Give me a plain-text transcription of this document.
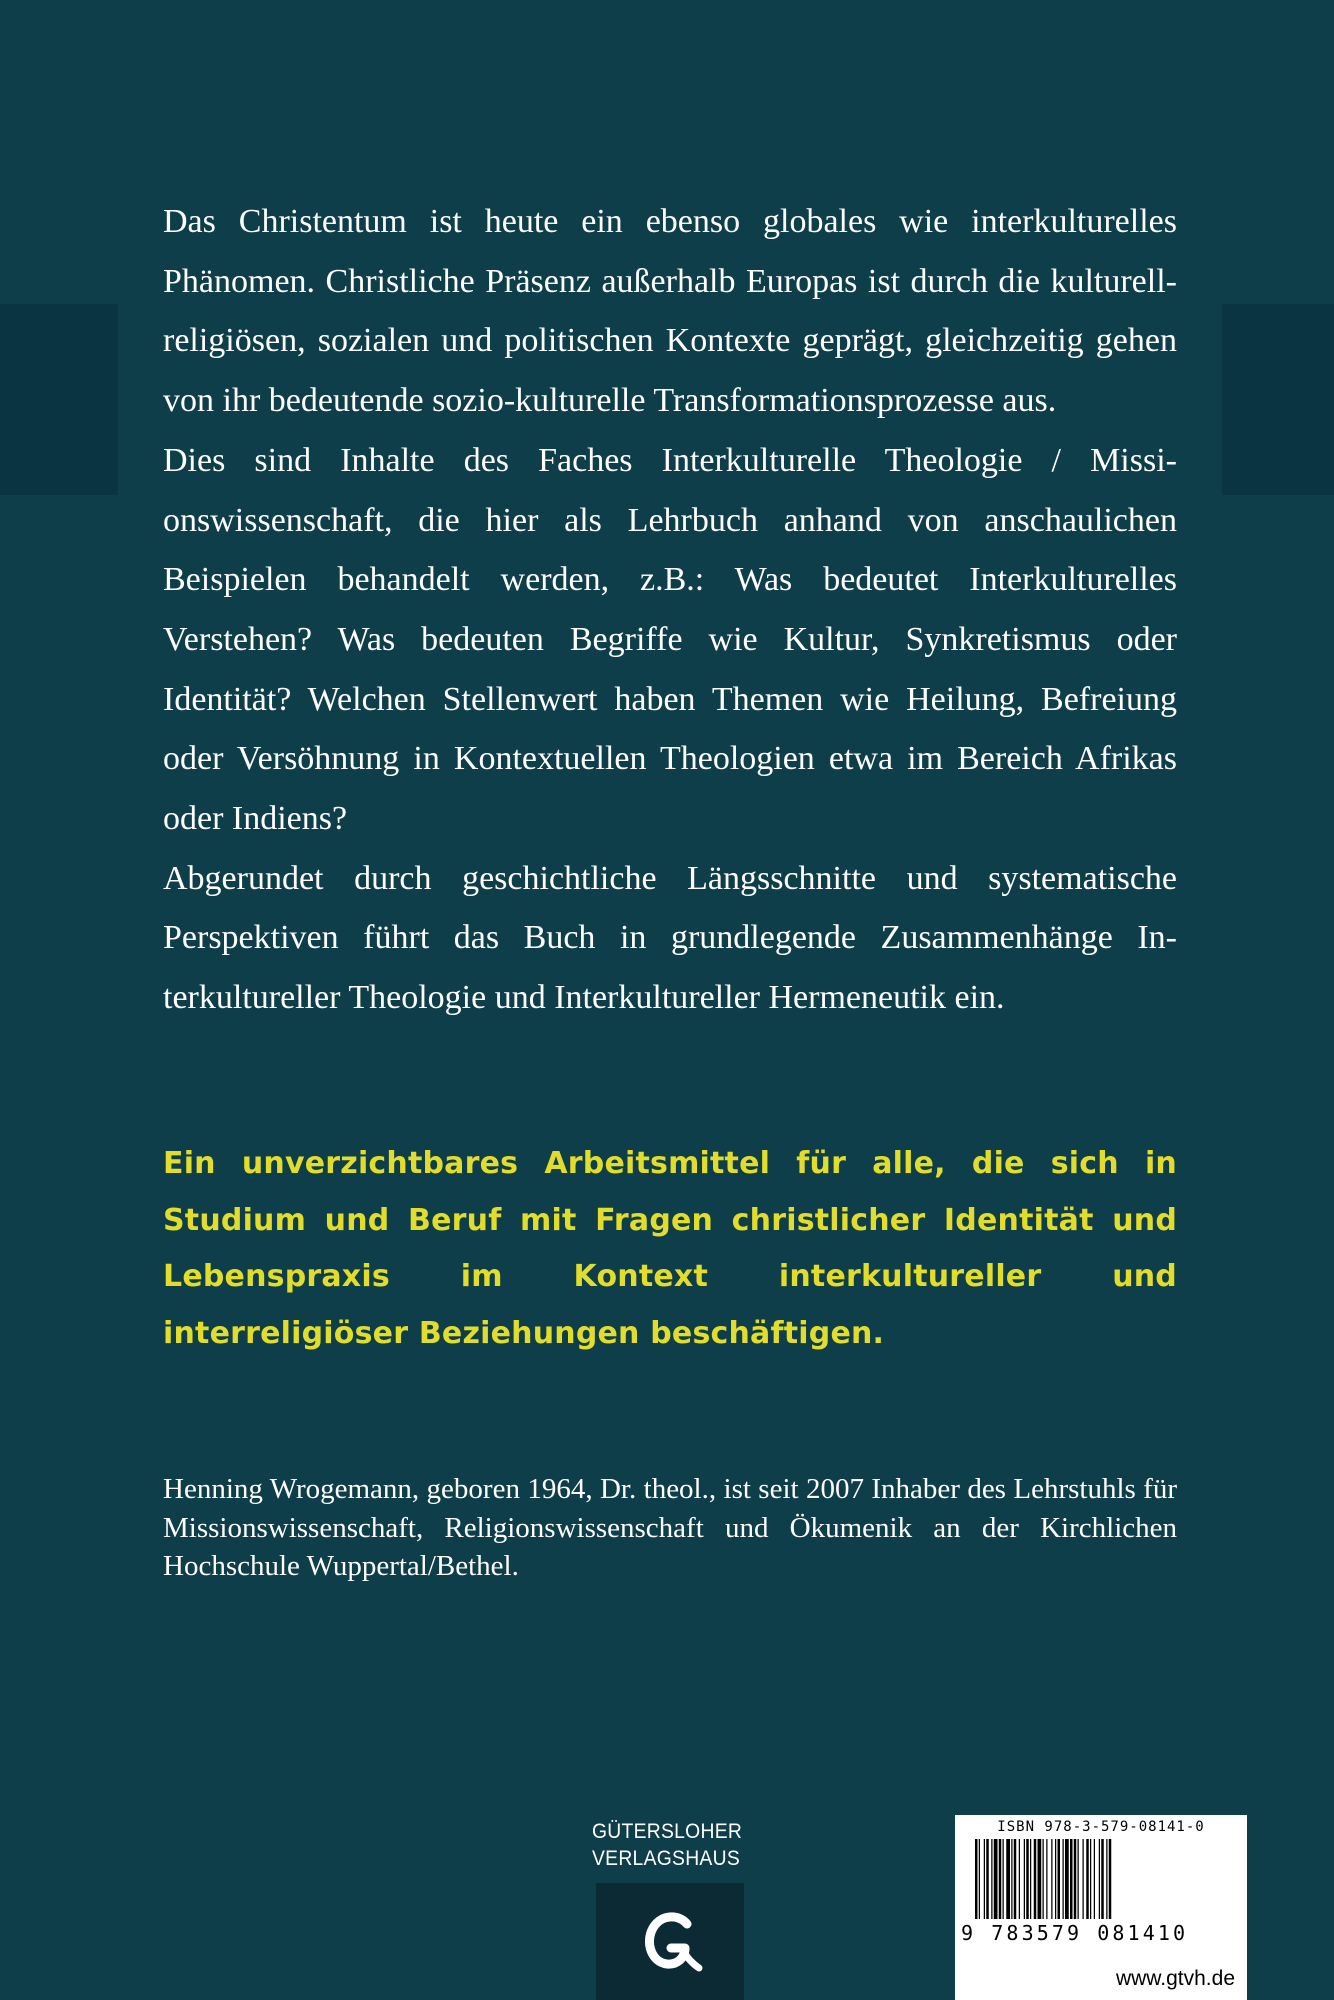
Das Christentum ist heute ein ebenso globales wie interkulturelles Phänomen. Christliche Präsenz außerhalb Europas ist durch die kulturell-religiösen, sozialen und politischen Kontexte geprägt, gleichzeitig gehen von ihr bedeutende sozio-kulturelle Transformationsprozesse aus.

Dies sind Inhalte des Faches Interkulturelle Theologie / Missionswissenschaft, die hier als Lehrbuch anhand von anschaulichen Beispielen behandelt werden, z.B.: Was bedeutet Interkulturelles Verstehen? Was bedeuten Begriffe wie Kultur, Synkretismus oder Identität? Welchen Stellenwert haben Themen wie Heilung, Befreiung oder Versöhnung in Kontextuellen Theologien etwa im Bereich Afrikas oder Indiens?

Abgerundet durch geschichtliche Längsschnitte und systematische Perspektiven führt das Buch in grundlegende Zusammenhänge Interkultureller Theologie und Interkultureller Hermeneutik ein.

Ein unverzichtbares Arbeitsmittel für alle, die sich in Studium und Beruf mit Fragen christlicher Identität und Lebenspraxis im Kontext interkultureller und interreligiöser Beziehungen beschäftigen.
Henning Wrogemann, geboren 1964, Dr. theol., ist seit 2007 Inhaber des Lehrstuhls für Missionswissenschaft, Religionswissenschaft und Ökumenik an der Kirchlichen Hochschule Wuppertal/Bethel.
GÜTERSLOHER
VERLAGSHAUS
ISBN 978-3-579-08141-0
9 783579 081410
www.gtvh.de
